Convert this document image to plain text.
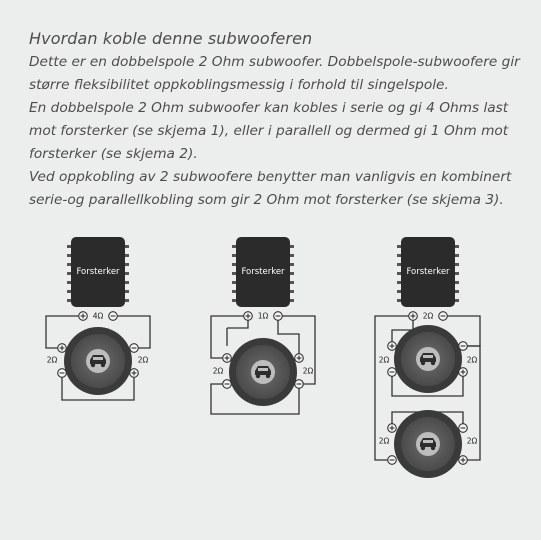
Hvordan koble denne subwooferen

Dette er en dobbelspole 2 Ohm subwoofer. Dobbelspole-subwoofere gir større fleksibilitet oppkoblingsmessig i forhold til singelspole.

En dobbelspole 2 Ohm subwoofer kan kobles i serie og gi 4 Ohms last mot forsterker (se skjema 1), eller i parallell og dermed gi 1 Ohm mot forsterker (se skjema 2).

Ved oppkobling av 2 subwoofere benytter man vanligvis en kombinert serie-og parallellkobling som gir 2 Ohm mot forsterker (se skjema 3).

Forsterker
4Ω
2Ω	2Ω
Forsterker
1Ω
2Ω	2Ω
Forsterker
2Ω
2Ω	2Ω
2Ω	2Ω
